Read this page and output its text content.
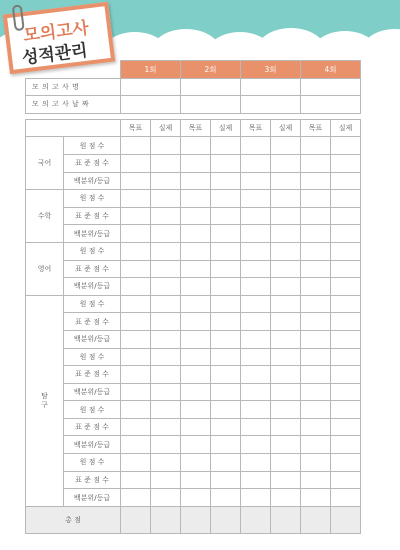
모의고사
성적관리
		1회		2회		3회		4회	
모 의 고 사 명									
모 의 고 사 날 짜									

		목표	실제	목표	실제	목표	실제	목표	실제
국어	원 점 수								
	표 준 점 수								
	백분위/등급								
수학	원 점 수								
	표 준 점 수								
	백분위/등급								
영어	원 점 수								
	표 준 점 수								
	백분위/등급								
탐구	원 점 수								
	표 준 점 수								
	백분위/등급								
	원 점 수								
	표 준 점 수								
	백분위/등급								
	원 점 수								
	표 준 점 수								
	백분위/등급								
	원 점 수								
	표 준 점 수								
	백분위/등급								
총 점									
